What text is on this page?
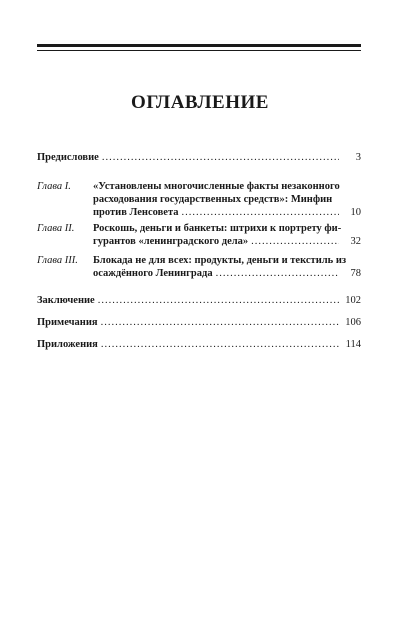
ОГЛАВЛЕНИЕ
Предисловие .....	3
Глава I. «Установлены многочисленные факты незаконного
расходования государственных средств»: Минфин
против Ленсовета .....	10
Глава II. Роскошь, деньги и банкеты: штрихи к портрету фи-
гурантов «ленинградского дела» .....	32
Глава III. Блокада не для всех: продукты, деньги и текстиль из
осаждённого Ленинграда .....	78
Заключение .....	102
Примечания .....	106
Приложения .....	114
